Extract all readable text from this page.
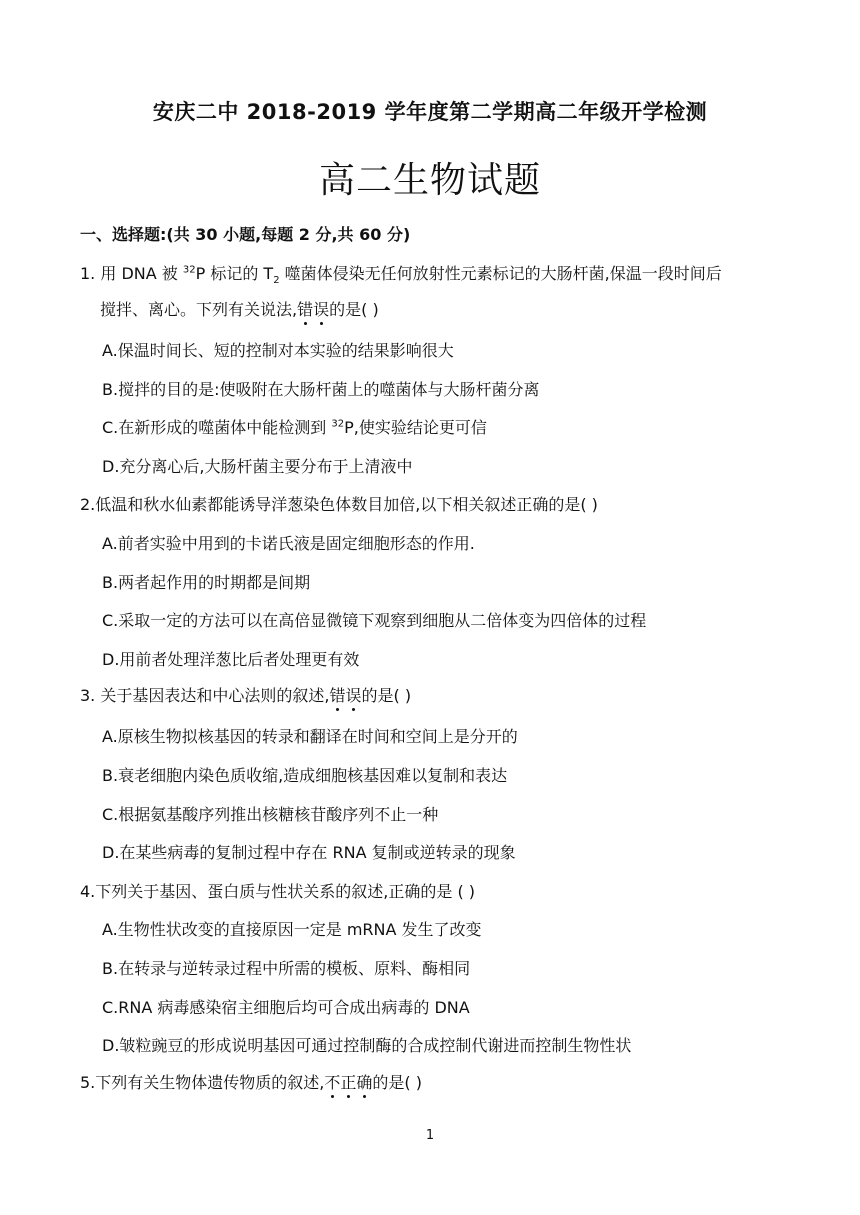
安庆二中 2018-2019 学年度第二学期高二年级开学检测
高二生物试题
一、选择题:(共 30 小题,每题 2 分,共 60 分)
1. 用 DNA 被 $^{32}$P 标记的 $T_2$ 噬菌体侵染无任何放射性元素标记的大肠杆菌,保温一段时间后
搅拌、离心。下列有关说法,错误的是( )
A.保温时间长、短的控制对本实验的结果影响很大
B.搅拌的目的是:使吸附在大肠杆菌上的噬菌体与大肠杆菌分离
C.在新形成的噬菌体中能检测到 $^{32}$P,使实验结论更可信
D.充分离心后,大肠杆菌主要分布于上清液中
2.低温和秋水仙素都能诱导洋葱染色体数目加倍,以下相关叙述正确的是( )
A.前者实验中用到的卡诺氏液是固定细胞形态的作用.
B.两者起作用的时期都是间期
C.采取一定的方法可以在高倍显微镜下观察到细胞从二倍体变为四倍体的过程
D.用前者处理洋葱比后者处理更有效
3. 关于基因表达和中心法则的叙述,错误的是( )
A.原核生物拟核基因的转录和翻译在时间和空间上是分开的
B.衰老细胞内染色质收缩,造成细胞核基因难以复制和表达
C.根据氨基酸序列推出核糖核苷酸序列不止一种
D.在某些病毒的复制过程中存在 RNA 复制或逆转录的现象
4.下列关于基因、蛋白质与性状关系的叙述,正确的是 ( )
A.生物性状改变的直接原因一定是 mRNA 发生了改变
B.在转录与逆转录过程中所需的模板、原料、酶相同
C.RNA 病毒感染宿主细胞后均可合成出病毒的 DNA
D.皱粒豌豆的形成说明基因可通过控制酶的合成控制代谢进而控制生物性状
5.下列有关生物体遗传物质的叙述,不正确的是( )
1
